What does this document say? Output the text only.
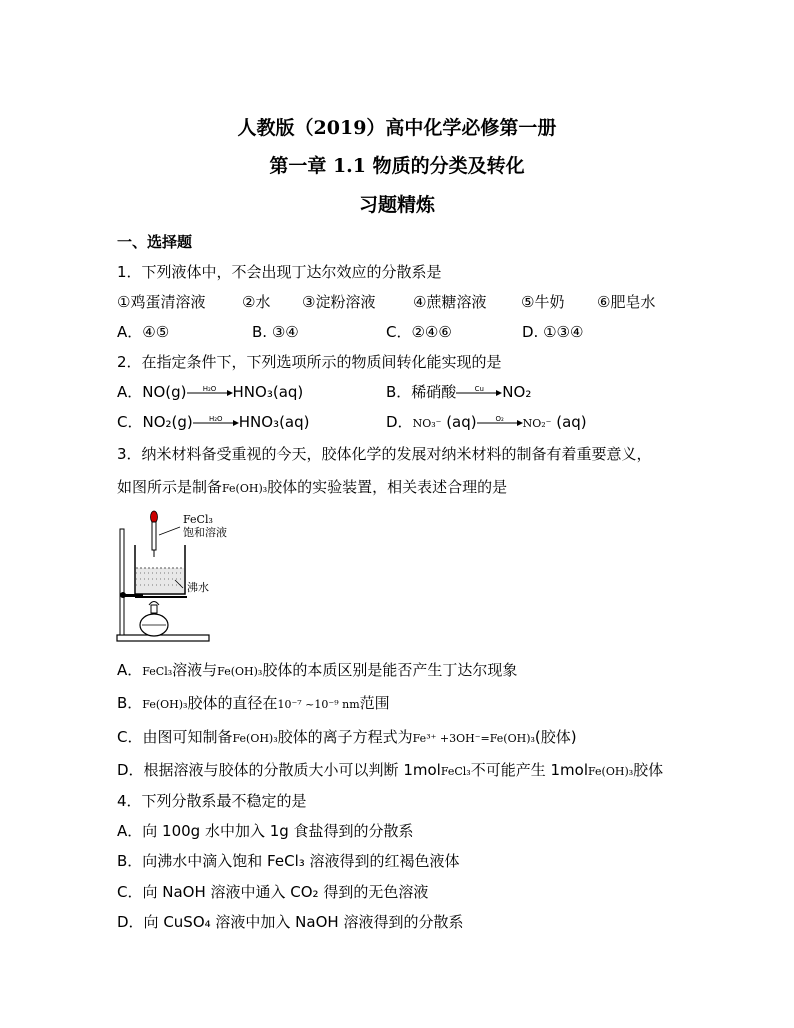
人教版（2019）高中化学必修第一册
第一章 1.1 物质的分类及转化
习题精炼
一、选择题
1．下列液体中，不会出现丁达尔效应的分散系是
①鸡蛋清溶液 ②水 ③淀粉溶液	④蔗糖溶液 ⑤牛奶 ⑥肥皂水
A．④⑤	B. ③④	C．②④⑥	D. ①③④
2．在指定条件下，下列选项所示的物质间转化能实现的是
A．NO(g)	H₂O	HNO₃(aq)	B．稀硝酸	Cu	NO₂
C．NO₂(g)	H₂O	HNO₃(aq)	D．NO₃⁻ (aq)	O₂	NO₂⁻ (aq)
3．纳米材料备受重视的今天，胶体化学的发展对纳米材料的制备有着重要意义，
如图所示是制备Fe(OH)₃胶体的实验装置，相关表述合理的是
FeCl₃
饱和溶液
沸水
A．FeCl₃溶液与Fe(OH)₃胶体的本质区别是能否产生丁达尔现象
B．Fe(OH)₃胶体的直径在10⁻⁷ ~10⁻⁹ nm范围
C．由图可知制备Fe(OH)₃胶体的离子方程式为Fe³⁺ +3OH⁻=Fe(OH)₃(胶体)
D．根据溶液与胶体的分散质大小可以判断 1molFeCl₃不可能产生 1molFe(OH)₃胶体
4．下列分散系最不稳定的是
A．向 100g 水中加入 1g 食盐得到的分散系
B．向沸水中滴入饱和 FeCl₃ 溶液得到的红褐色液体
C．向 NaOH 溶液中通入 CO₂ 得到的无色溶液
D．向 CuSO₄ 溶液中加入 NaOH 溶液得到的分散系
